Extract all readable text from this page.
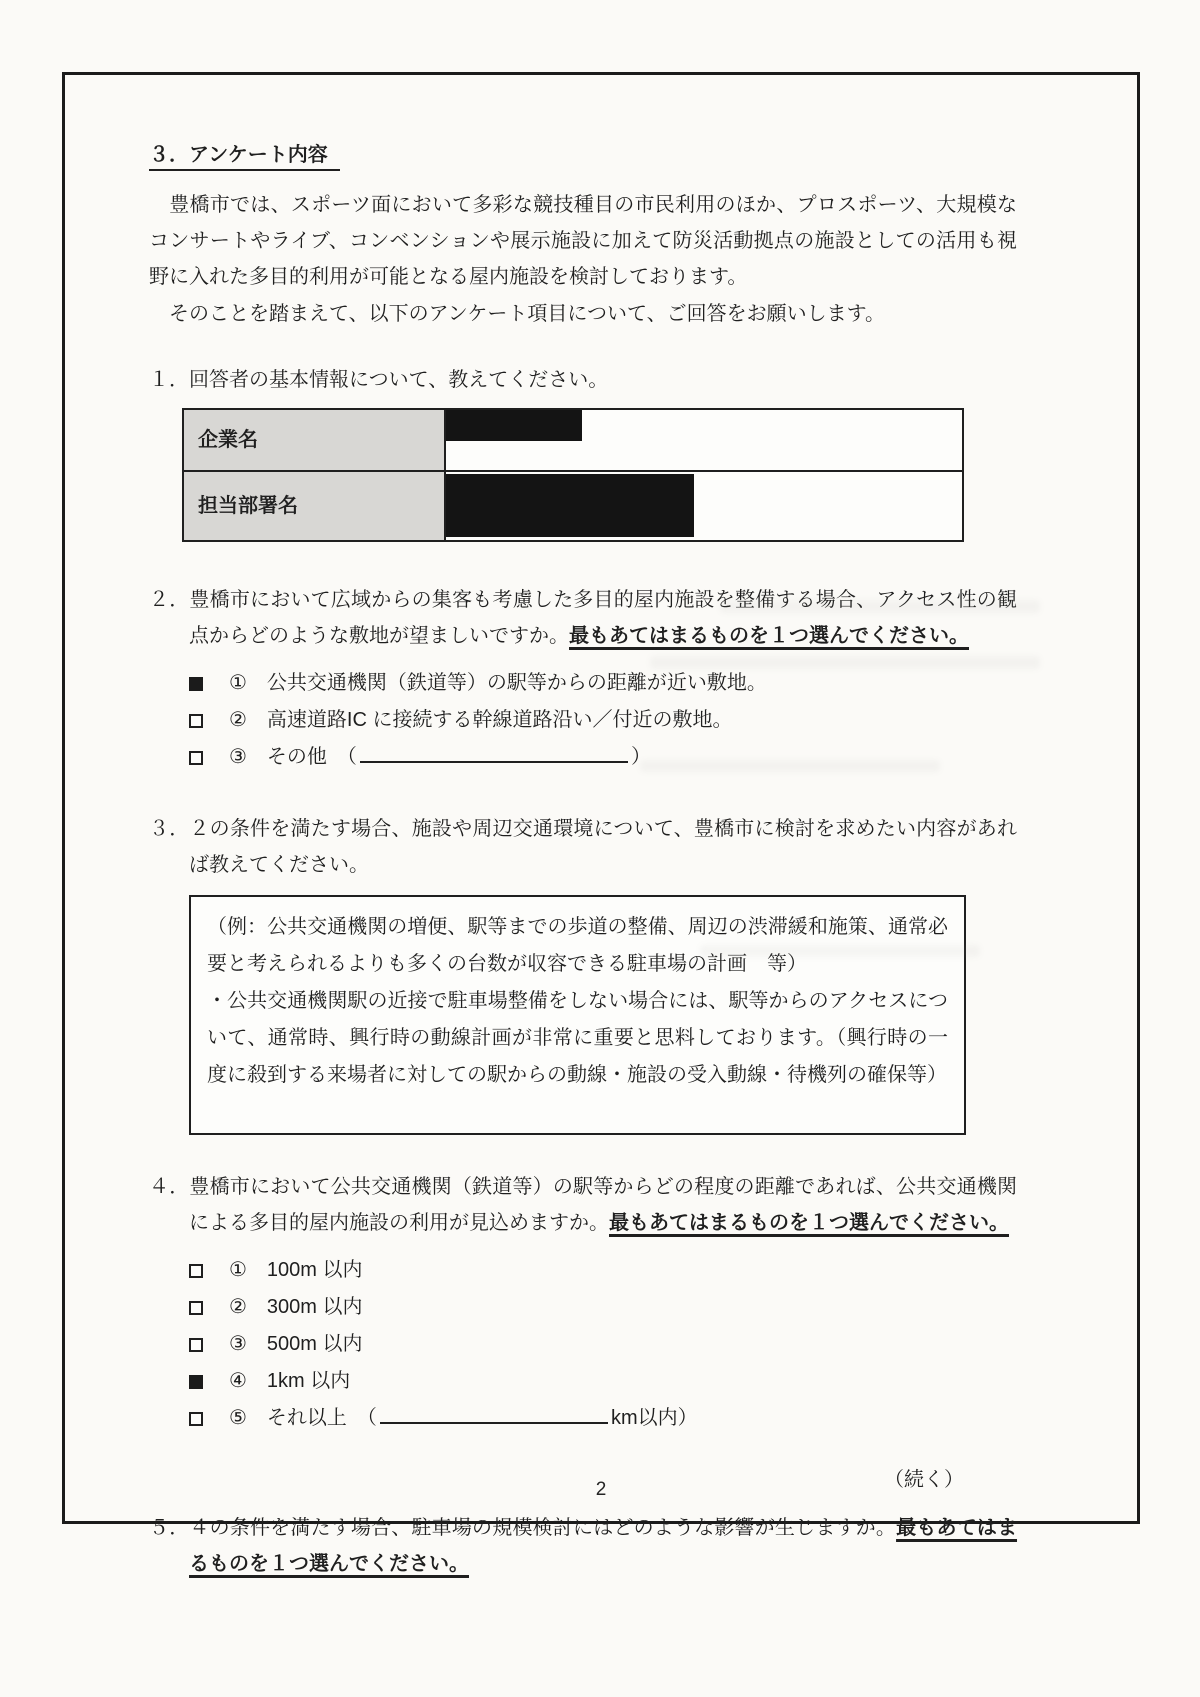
３．アンケート内容

　豊橋市では、スポーツ面において多彩な競技種目の市民利用のほか、プロスポーツ、大規模なコンサートやライブ、コンベンションや展示施設に加えて防災活動拠点の施設としての活用も視野に入れた多目的利用が可能となる屋内施設を検討しております。

　そのことを踏まえて、以下のアンケート項目について、ご回答をお願いします。

１．回答者の基本情報について、教えてください。

企業名	

担当部署名	

２．豊橋市において広域からの集客も考慮した多目的屋内施設を整備する場合、アクセス性の観点からどのような敷地が望ましいですか。最もあてはまるものを１つ選んでください。

①　公共交通機関（鉄道等）の駅等からの距離が近い敷地。
②　高速道路IC に接続する幹線道路沿い／付近の敷地。
③　その他　（	）

３．２の条件を満たす場合、施設や周辺交通環境について、豊橋市に検討を求めたい内容があれば教えてください。

（例：公共交通機関の増便、駅等までの歩道の整備、周辺の渋滞緩和施策、通常必要と考えられるよりも多くの台数が収容できる駐車場の計画　等）

・公共交通機関駅の近接で駐車場整備をしない場合には、駅等からのアクセスについて、通常時、興行時の動線計画が非常に重要と思料しております。（興行時の一度に殺到する来場者に対しての駅からの動線・施設の受入動線・待機列の確保等）

４．豊橋市において公共交通機関（鉄道等）の駅等からどの程度の距離であれば、公共交通機関による多目的屋内施設の利用が見込めますか。最もあてはまるものを１つ選んでください。

①　100m 以内
②　300m 以内
③　500m 以内
④　1km 以内
⑤　それ以上　（	km以内）

（続く）

５．４の条件を満たす場合、駐車場の規模検討にはどのような影響が生じますか。最もあてはまるものを１つ選んでください。

2
